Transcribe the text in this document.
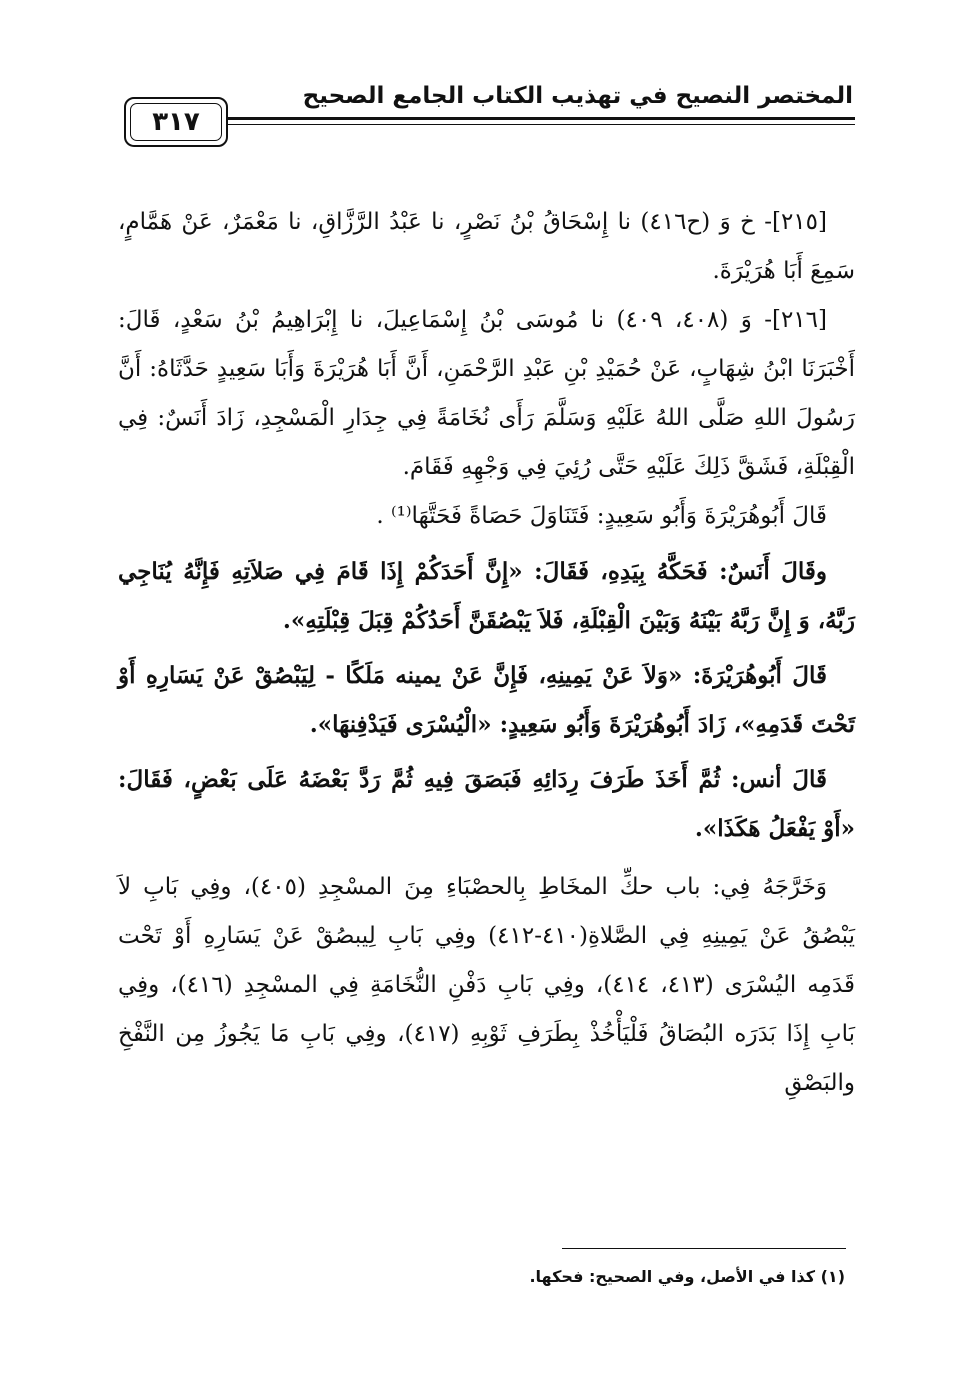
المختصر النصيح في تهذيب الكتاب الجامع الصحيح
٣١٧

[٢١٥]- خ وَ (ح٤١٦) نا إِسْحَاقُ بْنُ نَصْرٍ، نا عَبْدُ الرَّزَّاقِ، نا مَعْمَرٌ، عَنْ هَمَّامٍ، سَمِعَ أَبَا هُرَيْرَةَ.

[٢١٦]- وَ (٤٠٨، ٤٠٩) نا مُوسَى بْنُ إِسْمَاعِيلَ، نا إِبْرَاهِيمُ بْنُ سَعْدٍ، قَالَ: أَخْبَرَنَا ابْنُ شِهَابٍ، عَنْ حُمَيْدِ بْنِ عَبْدِ الرَّحْمَنِ، أَنَّ أَبَا هُرَيْرَةَ وَأَبَا سَعِيدٍ حَدَّثَاهُ: أَنَّ رَسُولَ اللهِ صَلَّى اللهُ عَلَيْهِ وَسَلَّمَ رَأَى نُخَامَةً فِي جِدَارِ الْمَسْجِدِ، زَادَ أَنَسٌ: فِي الْقِبْلَةِ، فَشَقَّ ذَلِكَ عَلَيْهِ حَتَّى رُئِيَ فِي وَجْهِهِ فَقَامَ.

قَالَ أَبُوهُرَيْرَةَ وَأَبُو سَعِيدٍ: فَتَنَاوَلَ حَصَاةً فَحَتَّهَا⁽¹⁾ .

وقَالَ أَنَسٌ: فَحَكَّهُ بِيَدِهِ، فَقَالَ: «إِنَّ أَحَدَكُمْ إِذَا قَامَ فِي صَلاَتِهِ فَإِنَّهُ يُنَاجِي رَبَّهُ، وَ إِنَّ رَبَّهُ بَيْنَهُ وَبَيْنَ الْقِبْلَةِ، فَلاَ يَبْصُقَنَّ أَحَدُكُمْ قِبَلَ قِبْلَتِهِ».

قَالَ أَبُوهُرَيْرَةَ: «وَلاَ عَنْ يَمِينِهِ، فَإِنَّ عَنْ يمينه مَلَكًا - لِيَبْصُقْ عَنْ يَسَارِهِ أَوْ تَحْتَ قَدَمِهِ»، زَادَ أَبُوهُرَيْرَةَ وَأَبُو سَعِيدٍ: «الْيُسْرَى فَيَدْفِنهَا».

قَالَ أنس: ثُمَّ أَخَذَ طَرَفَ رِدَائِهِ فَبَصَقَ فِيهِ ثُمَّ رَدَّ بَعْضَهُ عَلَى بَعْضٍ، فَقَالَ: «أَوْ يَفْعَلُ هَكَذَا».

وَخَرَّجَهُ فِي: باب حكِّ المخَاطِ بِالحصْبَاءِ مِنَ المسْجِدِ (٤٠٥)، وفِي بَابِ لاَ يَبْصُقُ عَنْ يَمِينِهِ فِي الصَّلاةِ(٤١٠-٤١٢) وفِي بَابِ لِيبصُقْ عَنْ يَسَارِهِ أَوْ تَحْت قَدَمِه اليُسْرَى (٤١٣، ٤١٤)، وفِي بَابِ دَفْنِ النُّخَامَةِ فِي المسْجِدِ (٤١٦)، وفِي بَابِ إِذَا بَدَرَه البُصَاقُ فَلْيَأْخُذْ بِطَرَفِ ثَوْبِهِ (٤١٧)، وفِي بَابِ مَا يَجُوزُ مِن النَّفْخِ والبَصْقِ

(١) كذا في الأصل، وفي الصحيح: فحكها.
